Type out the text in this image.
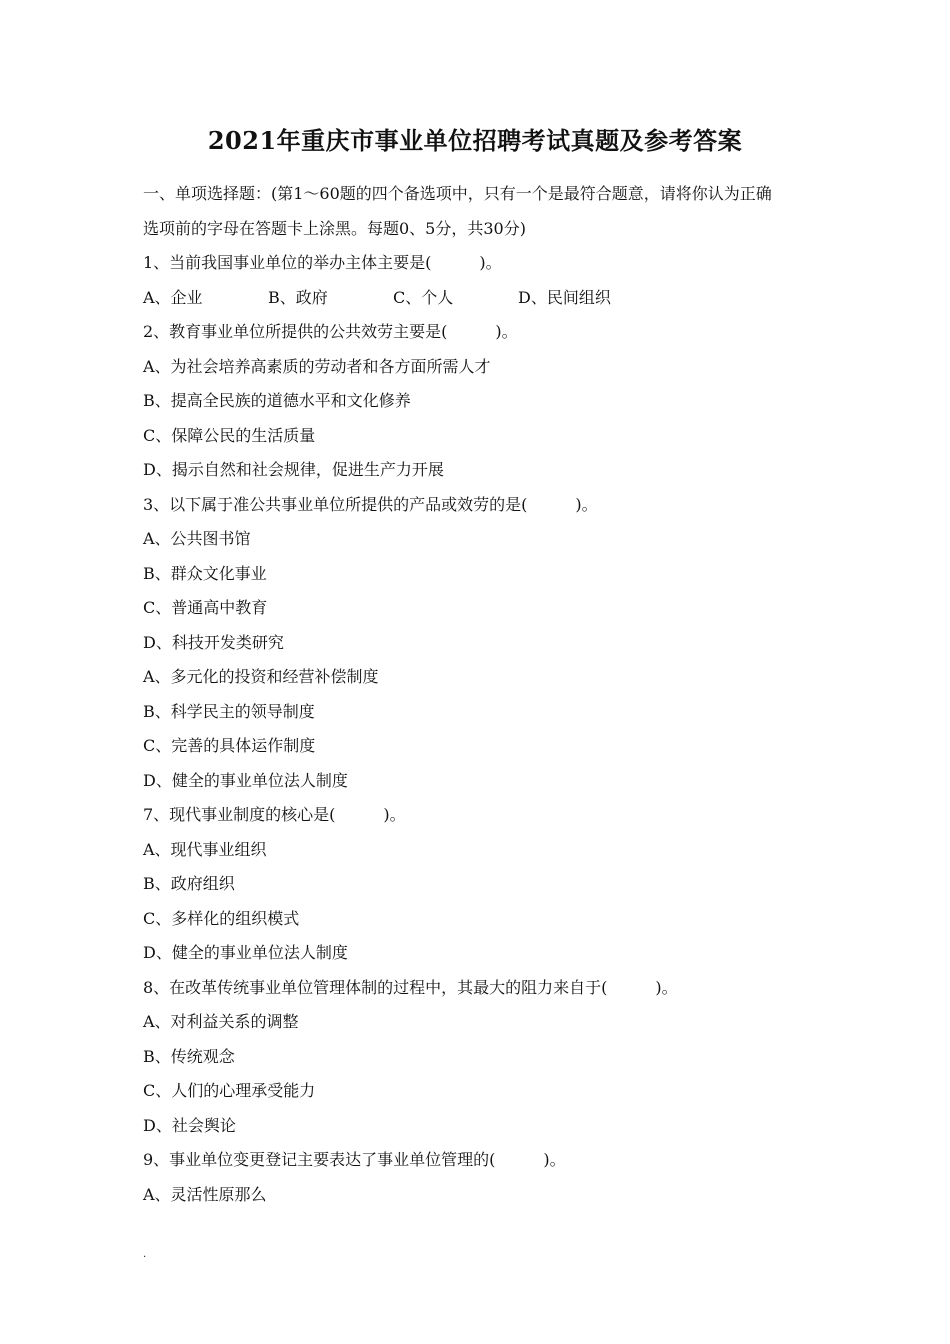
2021年重庆市事业单位招聘考试真题及参考答案
一、单项选择题：(第1～60题的四个备选项中，只有一个是最符合题意，请将你认为正确
选项前的字母在答题卡上涂黑。每题0、5分，共30分)
1、当前我国事业单位的举办主体主要是(　　　)。
A、企业	B、政府	C、个人	D、民间组织
2、教育事业单位所提供的公共效劳主要是(　　　)。
A、为社会培养高素质的劳动者和各方面所需人才
B、提高全民族的道德水平和文化修养
C、保障公民的生活质量
D、揭示自然和社会规律，促进生产力开展
3、以下属于准公共事业单位所提供的产品或效劳的是(　　　)。
A、公共图书馆
B、群众文化事业
C、普通高中教育
D、科技开发类研究
A、多元化的投资和经营补偿制度
B、科学民主的领导制度
C、完善的具体运作制度
D、健全的事业单位法人制度
7、现代事业制度的核心是(　　　)。
A、现代事业组织
B、政府组织
C、多样化的组织模式
D、健全的事业单位法人制度
8、在改革传统事业单位管理体制的过程中，其最大的阻力来自于(　　　)。
A、对利益关系的调整
B、传统观念
C、人们的心理承受能力
D、社会舆论
9、事业单位变更登记主要表达了事业单位管理的(　　　)。
A、灵活性原那么
.
